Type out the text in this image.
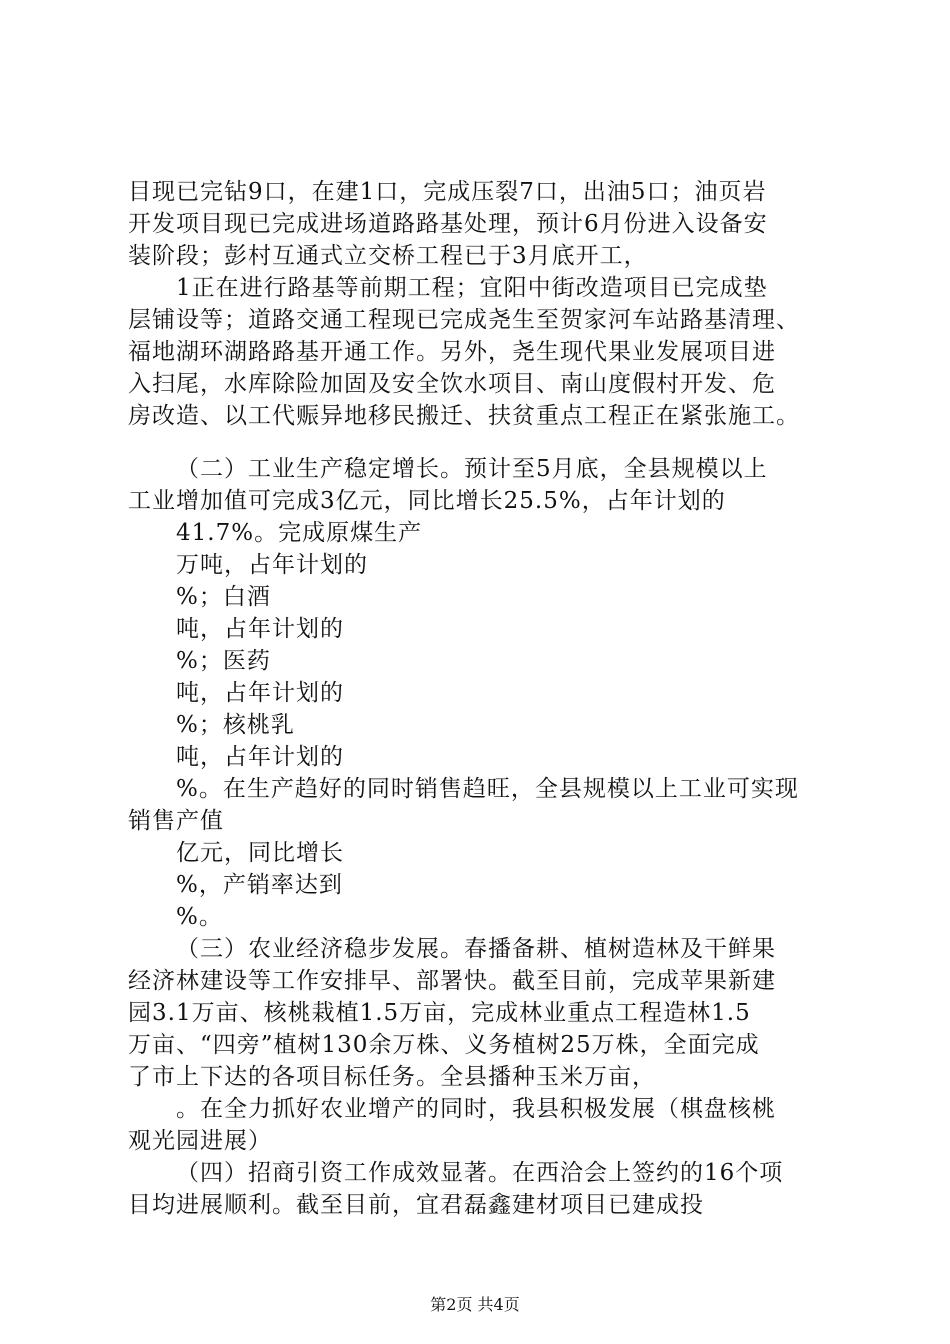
目现已完钻9口，在建1口，完成压裂7口，出油5口；油页岩
开发项目现已完成进场道路路基处理，预计6月份进入设备安
装阶段；彭村互通式立交桥工程已于3月底开工，
1正在进行路基等前期工程；宜阳中街改造项目已完成垫
层铺设等；道路交通工程现已完成尧生至贺家河车站路基清理、
福地湖环湖路路基开通工作。另外，尧生现代果业发展项目进
入扫尾，水库除险加固及安全饮水项目、南山度假村开发、危
房改造、以工代赈异地移民搬迁、扶贫重点工程正在紧张施工。
（二）工业生产稳定增长。预计至5月底，全县规模以上
工业增加值可完成3亿元，同比增长25.5%，占年计划的
41.7%。完成原煤生产
万吨，占年计划的
%；白酒
吨，占年计划的
%；医药
吨，占年计划的
%；核桃乳
吨，占年计划的
%。在生产趋好的同时销售趋旺，全县规模以上工业可实现
销售产值
亿元，同比增长
%，产销率达到
%。
（三）农业经济稳步发展。春播备耕、植树造林及干鲜果
经济林建设等工作安排早、部署快。截至目前，完成苹果新建
园3.1万亩、核桃栽植1.5万亩，完成林业重点工程造林1.5
万亩、“四旁”植树130余万株、义务植树25万株，全面完成
了市上下达的各项目标任务。全县播种玉米万亩，
。在全力抓好农业增产的同时，我县积极发展（棋盘核桃
观光园进展）
（四）招商引资工作成效显著。在西洽会上签约的16个项
目均进展顺利。截至目前，宜君磊鑫建材项目已建成投
第2页 共4页
